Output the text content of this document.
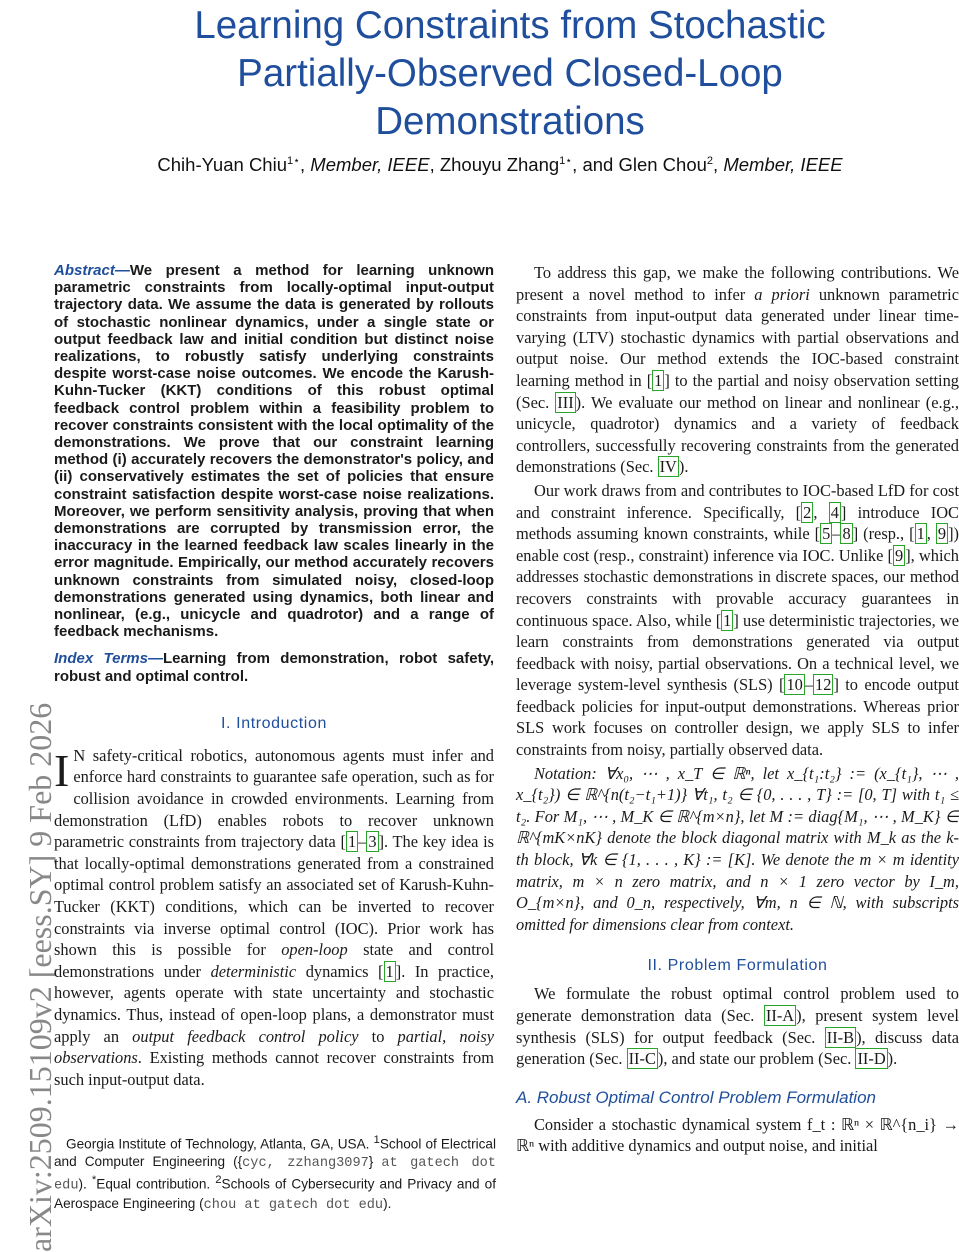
Learning Constraints from Stochastic Partially-Observed Closed-Loop Demonstrations
Chih-Yuan Chiu$^{1⋆}$, Member, IEEE, Zhouyu Zhang$^{1⋆}$, and Glen Chou$^2$, Member, IEEE
arXiv:2509.15109v2 [eess.SY] 9 Feb 2026

Abstract—We present a method for learning unknown parametric constraints from locally-optimal input-output trajectory data. We assume the data is generated by rollouts of stochastic nonlinear dynamics, under a single state or output feedback law and initial condition but distinct noise realizations, to robustly satisfy underlying constraints despite worst-case noise outcomes. We encode the Karush-Kuhn-Tucker (KKT) conditions of this robust optimal feedback control problem within a feasibility problem to recover constraints consistent with the local optimality of the demonstrations. We prove that our constraint learning method (i) accurately recovers the demonstrator's policy, and (ii) conservatively estimates the set of policies that ensure constraint satisfaction despite worst-case noise realizations. Moreover, we perform sensitivity analysis, proving that when demonstrations are corrupted by transmission error, the inaccuracy in the learned feedback law scales linearly in the error magnitude. Empirically, our method accurately recovers unknown constraints from simulated noisy, closed-loop demonstrations generated using dynamics, both linear and nonlinear, (e.g., unicycle and quadrotor) and a range of feedback mechanisms.

Index Terms—Learning from demonstration, robot safety, robust and optimal control.

I. Introduction

I N safety-critical robotics, autonomous agents must infer and enforce hard constraints to guarantee safe operation, such as for collision avoidance in crowded environments. Learning from demonstration (LfD) enables robots to recover unknown parametric constraints from trajectory data [ 1 – 3 ]. The key idea is that locally-optimal demonstrations generated from a constrained optimal control problem satisfy an associated set of Karush-Kuhn-Tucker (KKT) conditions, which can be inverted to recover constraints via inverse optimal control (IOC). Prior work has shown this is possible for open-loop state and control demonstrations under deterministic dynamics [ 1 ]. In practice, however, agents operate with state uncertainty and stochastic dynamics. Thus, instead of open-loop plans, a demonstrator must apply an output feedback control policy to partial, noisy observations. Existing methods cannot recover constraints from such input-output data.

Georgia Institute of Technology, Atlanta, GA, USA. $^1$School of Electrical and Computer Engineering ({cyc, zzhang3097} at gatech dot edu). *Equal contribution. $^2$Schools of Cybersecurity and Privacy and of Aerospace Engineering (chou at gatech dot edu).

To address this gap, we make the following contributions. We present a novel method to infer a priori unknown parametric constraints from input-output data generated under linear time-varying (LTV) stochastic dynamics with partial observations and output noise. Our method extends the IOC-based constraint learning method in [ 1 ] to the partial and noisy observation setting (Sec. III ). We evaluate our method on linear and nonlinear (e.g., unicycle, quadrotor) dynamics and a variety of feedback controllers, successfully recovering constraints from the generated demonstrations (Sec. IV ).

Our work draws from and contributes to IOC-based LfD for cost and constraint inference. Specifically, [ 2 , 4 ] introduce IOC methods assuming known constraints, while [ 5 – 8 ] (resp., [ 1 , 9 ]) enable cost (resp., constraint) inference via IOC. Unlike [ 9 ], which addresses stochastic demonstrations in discrete spaces, our method recovers constraints with provable accuracy guarantees in continuous space. Also, while [ 1 ] use deterministic trajectories, we learn constraints from demonstrations generated via output feedback with noisy, partial observations. On a technical level, we leverage system-level synthesis (SLS) [ 10 – 12 ] to encode output feedback policies for input-output demonstrations. Whereas prior SLS work focuses on controller design, we apply SLS to infer constraints from noisy, partially observed data.

Notation: ∀x₀, ⋯ , x_T ∈ ℝⁿ, let x_{t₁:t₂} := (x_{t₁}, ⋯ , x_{t₂}) ∈ ℝ^{n(t₂−t₁+1)} ∀t₁, t₂ ∈ {0, . . . , T} := [0, T] with t₁ ≤ t₂. For M₁, ⋯ , M_K ∈ ℝ^{m×n}, let M := diag{M₁, ⋯ , M_K} ∈ ℝ^{mK×nK} denote the block diagonal matrix with M_k as the k-th block, ∀k ∈ {1, . . . , K} := [K]. We denote the m × m identity matrix, m × n zero matrix, and n × 1 zero vector by I_m, O_{m×n}, and 0_n, respectively, ∀m, n ∈ ℕ, with subscripts omitted for dimensions clear from context.

II. Problem Formulation

We formulate the robust optimal control problem used to generate demonstration data (Sec. II-A ), present system level synthesis (SLS) for output feedback (Sec. II-B ), discuss data generation (Sec. II-C ), and state our problem (Sec. II-D ).

A. Robust Optimal Control Problem Formulation

Consider a stochastic dynamical system f_t : ℝⁿ × ℝ^{n_i} → ℝⁿ with additive dynamics and output noise, and initial
